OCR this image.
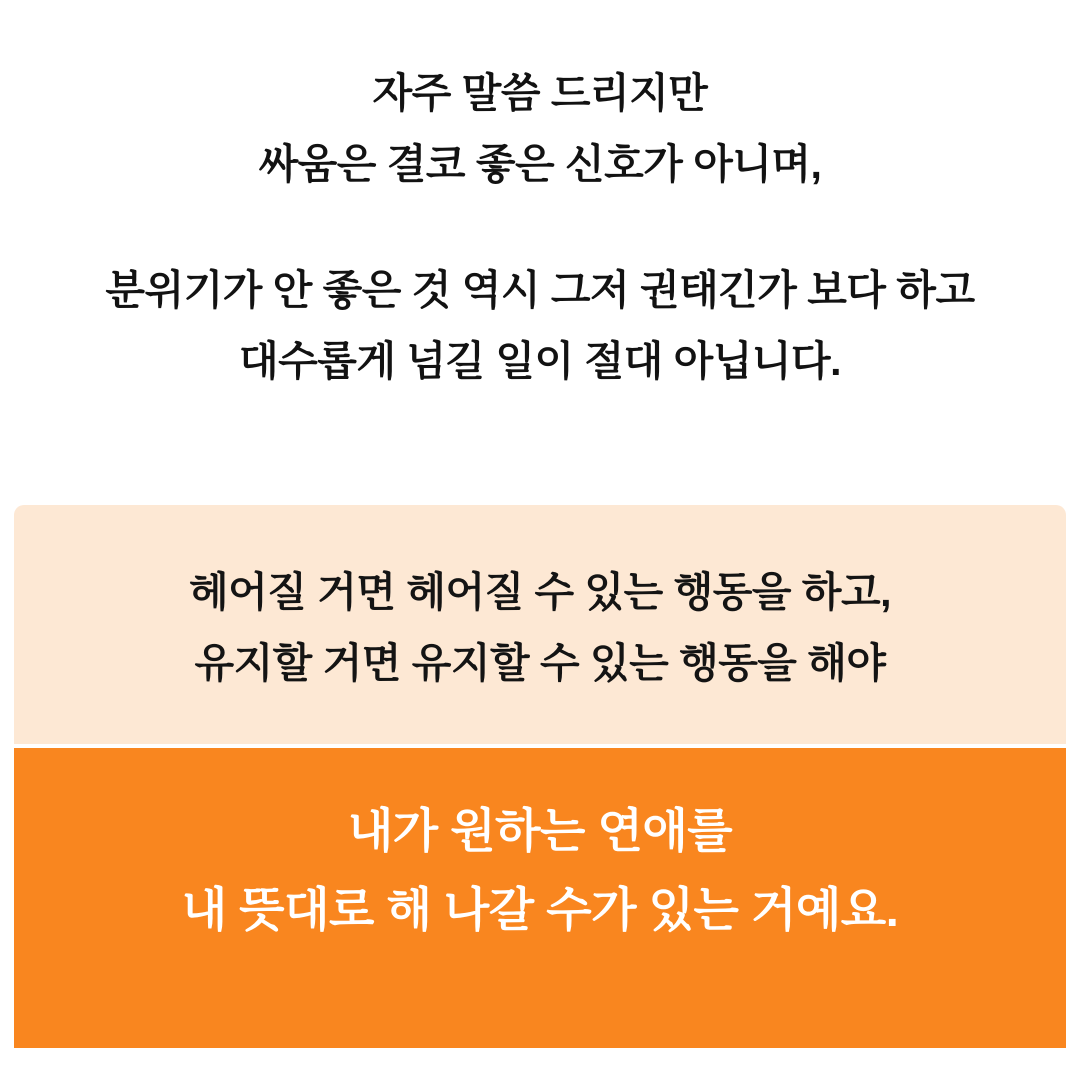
자주 말씀 드리지만
싸움은 결코 좋은 신호가 아니며,
분위기가 안 좋은 것 역시 그저 권태긴가 보다 하고
대수롭게 넘길 일이 절대 아닙니다.
헤어질 거면 헤어질 수 있는 행동을 하고,
유지할 거면 유지할 수 있는 행동을 해야
내가 원하는 연애를
내 뜻대로 해 나갈 수가 있는 거예요.
